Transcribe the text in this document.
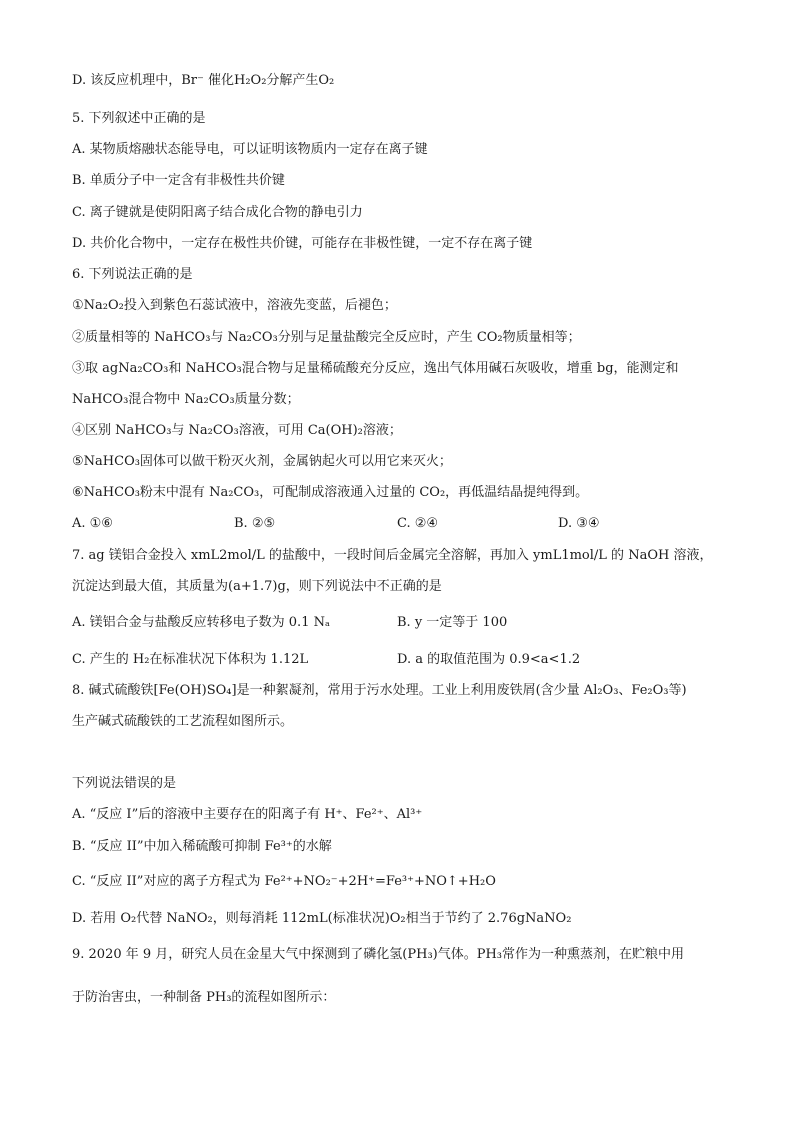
D. 该反应机理中，Br⁻ 催化H₂O₂分解产生O₂
5. 下列叙述中正确的是
A. 某物质熔融状态能导电，可以证明该物质内一定存在离子键
B. 单质分子中一定含有非极性共价键
C. 离子键就是使阴阳离子结合成化合物的静电引力
D. 共价化合物中，一定存在极性共价键，可能存在非极性键，一定不存在离子键
6. 下列说法正确的是
①Na₂O₂投入到紫色石蕊试液中，溶液先变蓝，后褪色；
②质量相等的 NaHCO₃与 Na₂CO₃分别与足量盐酸完全反应时，产生 CO₂物质量相等；
③取 agNa₂CO₃和 NaHCO₃混合物与足量稀硫酸充分反应，逸出气体用碱石灰吸收，增重 bg，能测定和
NaHCO₃混合物中 Na₂CO₃质量分数；
④区别 NaHCO₃与 Na₂CO₃溶液，可用 Ca(OH)₂溶液；
⑤NaHCO₃固体可以做干粉灭火剂，金属钠起火可以用它来灭火；
⑥NaHCO₃粉末中混有 Na₂CO₃，可配制成溶液通入过量的 CO₂，再低温结晶提纯得到。
A. ①⑥	B. ②⑤	C. ②④	D. ③④
7. ag 镁铝合金投入 xmL2mol/L 的盐酸中，一段时间后金属完全溶解，再加入 ymL1mol/L 的 NaOH 溶液，
沉淀达到最大值，其质量为(a+1.7)g，则下列说法中不正确的是
A. 镁铝合金与盐酸反应转移电子数为 0.1 Nₐ	B. y 一定等于 100
C. 产生的 H₂在标准状况下体积为 1.12L	D. a 的取值范围为 0.9<a<1.2
8. 碱式硫酸铁[Fe(OH)SO₄]是一种絮凝剂，常用于污水处理。工业上利用废铁屑(含少量 Al₂O₃、Fe₂O₃等)
生产碱式硫酸铁的工艺流程如图所示。
下列说法错误的是
A. “反应 I”后的溶液中主要存在的阳离子有 H⁺、Fe²⁺、Al³⁺
B. “反应 II”中加入稀硫酸可抑制 Fe³⁺的水解
C. “反应 II”对应的离子方程式为 Fe²⁺+NO₂⁻+2H⁺=Fe³⁺+NO↑+H₂O
D. 若用 O₂代替 NaNO₂，则每消耗 112mL(标准状况)O₂相当于节约了 2.76gNaNO₂
9. 2020 年 9 月，研究人员在金星大气中探测到了磷化氢(PH₃)气体。PH₃常作为一种熏蒸剂，在贮粮中用
于防治害虫，一种制备 PH₃的流程如图所示：
